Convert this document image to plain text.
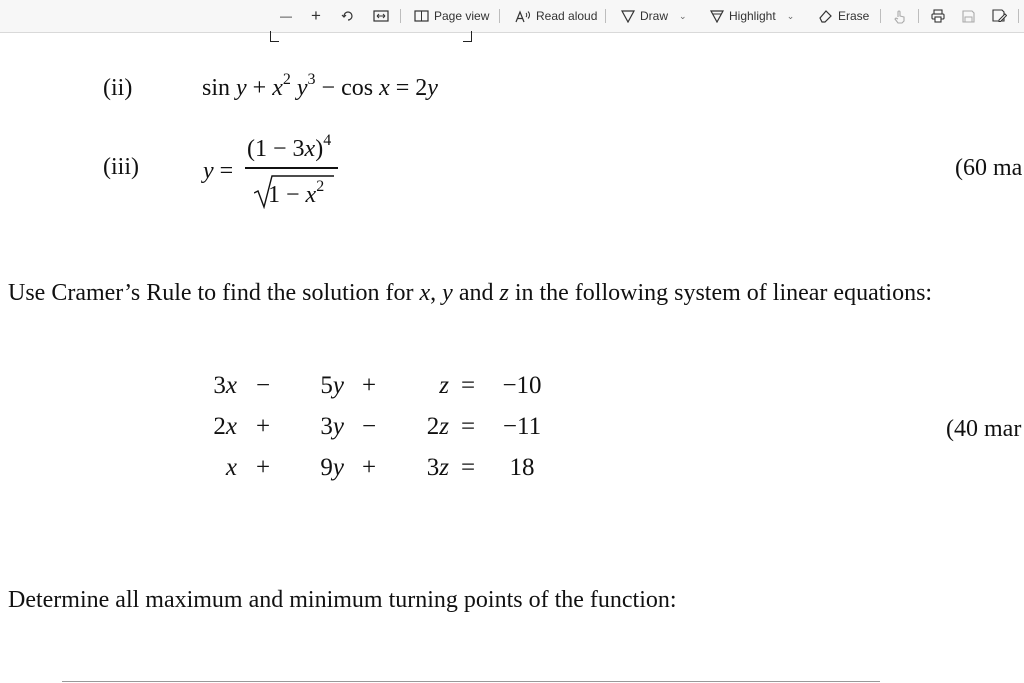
— +	Page view	Read aloud	Draw ⌄	Highlight ⌄	Erase
(ii)	$\sin y + x^2$ $y^3 - \cos x = 2y$
(iii)	y =
$(1 - 3x)^4$
$1 - x^2$
(60 ma
Use Cramer’s Rule to find the solution for x, y and z in the following system of linear equations:
3x	−	5y	+	z	=	−10
2x	+	3y	−	2z	=	−11
x	+	9y	+	3z	=	18
(40 mar
Determine all maximum and minimum turning points of the function:
